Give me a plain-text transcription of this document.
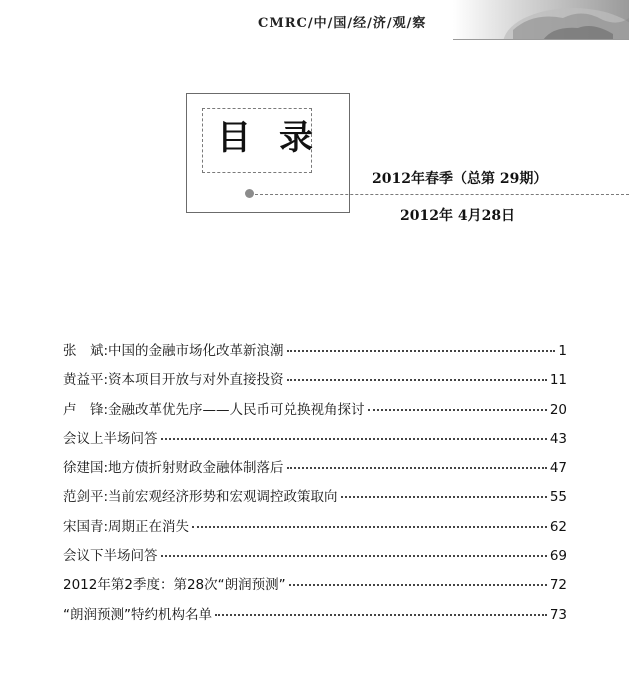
CMRC/中/国/经/济/观/察
目录
2012年春季（总第 29期）
2012年 4月28日
张　斌:中国的金融市场化改革新浪潮	1
黄益平:资本项目开放与对外直接投资	11
卢　锋:金融改革优先序——人民币可兑换视角探讨	20
会议上半场问答	43
徐建国:地方债折射财政金融体制落后	47
范剑平:当前宏观经济形势和宏观调控政策取向	55
宋国青:周期正在消失	62
会议下半场问答	69
2012年第2季度：第28次“朗润预测”	72
“朗润预测”特约机构名单	73
